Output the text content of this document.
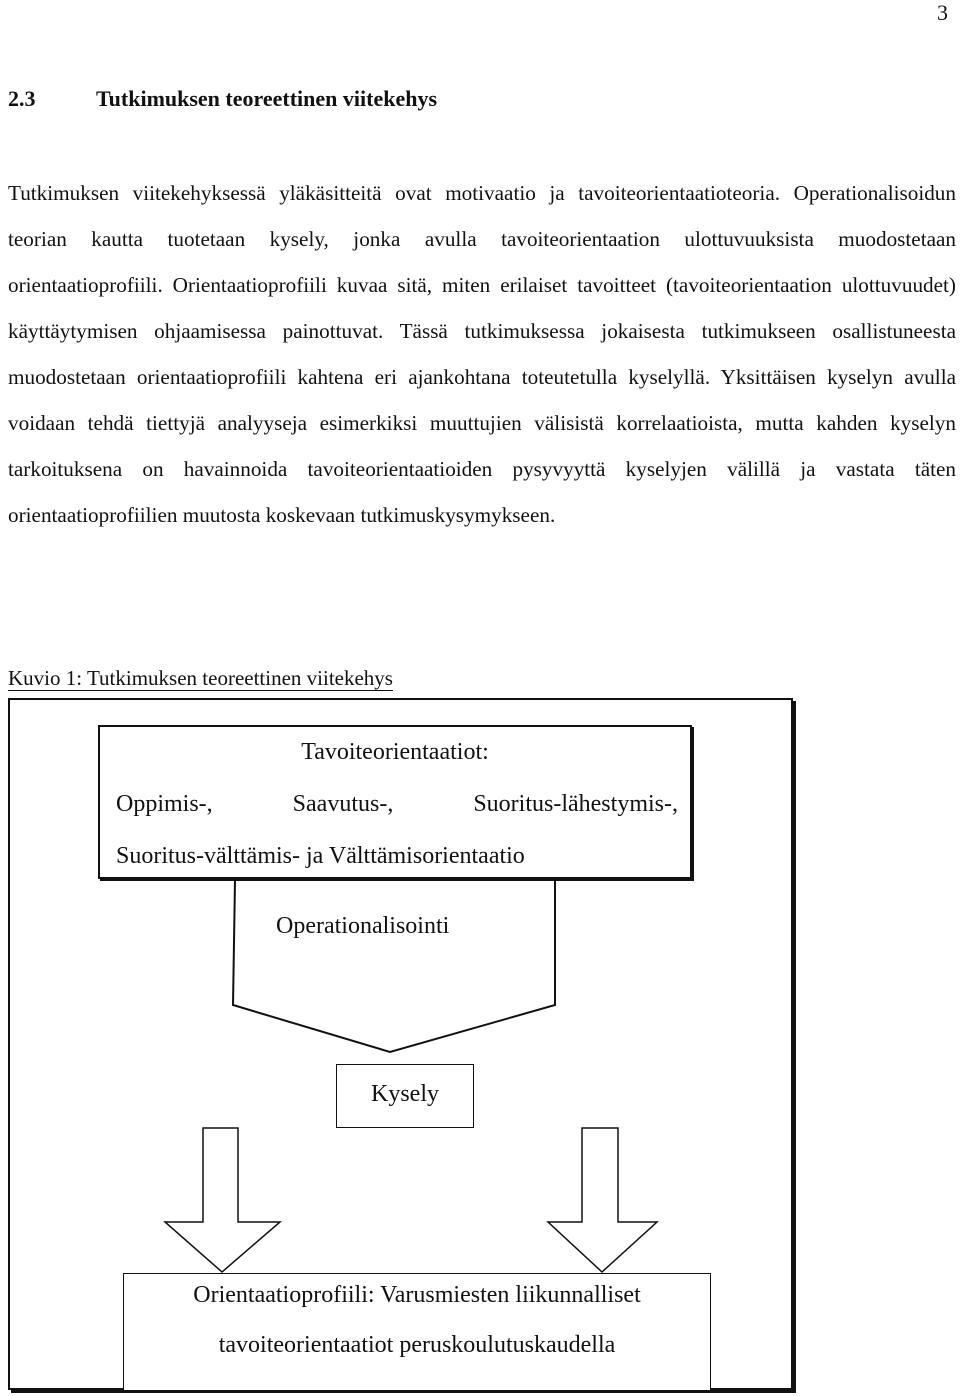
3
2.3	Tutkimuksen teoreettinen viitekehys

Tutkimuksen viitekehyksessä yläkäsitteitä ovat motivaatio ja tavoiteorientaatioteoria. Operationalisoidun teorian kautta tuotetaan kysely, jonka avulla tavoiteorientaation ulottuvuuksista muodostetaan orientaatioprofiili. Orientaatioprofiili kuvaa sitä, miten erilaiset tavoitteet (tavoiteorientaation ulottuvuudet) käyttäytymisen ohjaamisessa painottuvat. Tässä tutkimuksessa jokaisesta tutkimukseen osallistuneesta muodostetaan orientaatioprofiili kahtena eri ajankohtana toteutetulla kyselyllä. Yksittäisen kyselyn avulla voidaan tehdä tiettyjä analyyseja esimerkiksi muuttujien välisistä korrelaatioista, mutta kahden kyselyn tarkoituksena on havainnoida tavoiteorientaatioiden pysyvyyttä kyselyjen välillä ja vastata täten orientaatioprofiilien muutosta koskevaan tutkimuskysymykseen.

Kuvio 1: Tutkimuksen teoreettinen viitekehys
Operationalisointi
Tavoiteorientaatiot:
Oppimis-,	Saavutus-,	Suoritus-lähestymis-,
Suoritus-välttämis- ja Välttämisorientaatio
Kysely
Orientaatioprofiili: Varusmiesten liikunnalliset
tavoiteorientaatiot peruskoulutuskaudella
